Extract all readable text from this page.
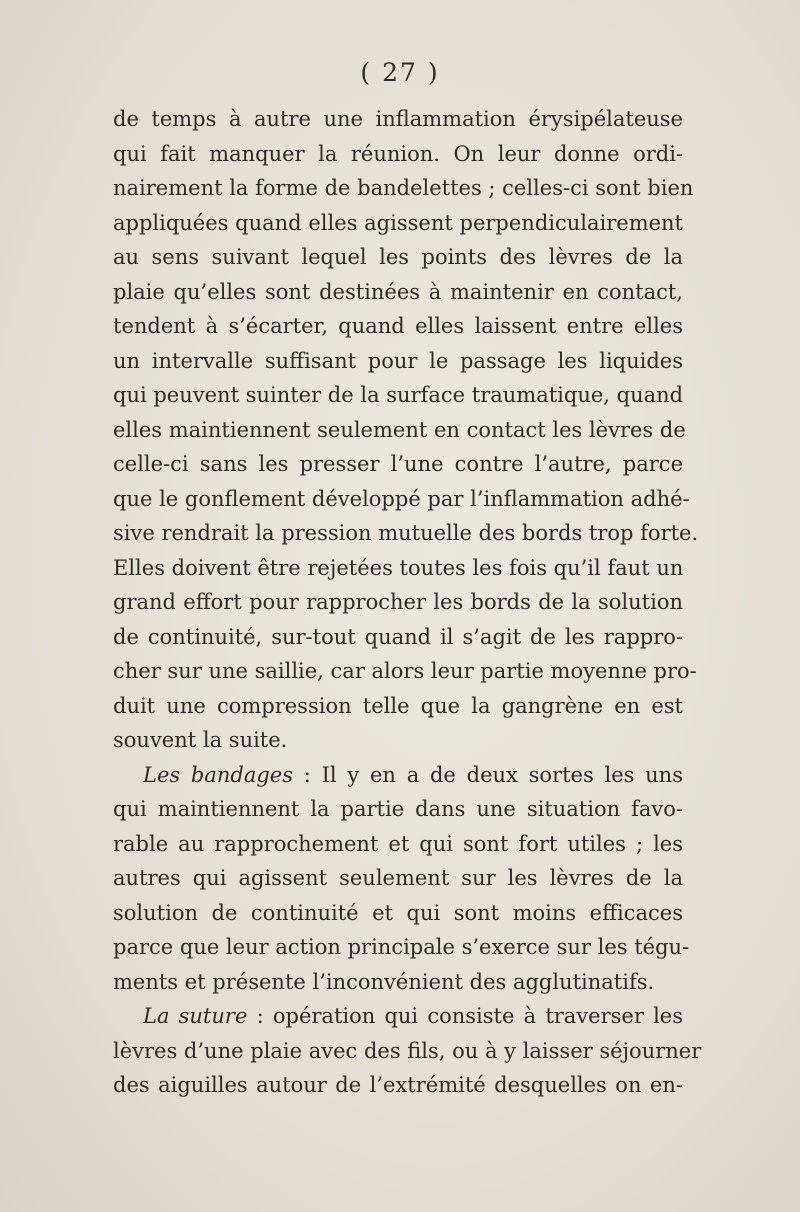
( 27 )
de temps à autre une inflammation érysipélateuse
qui fait manquer la réunion. On leur donne ordi-
nairement la forme de bandelettes ; celles-ci sont bien
appliquées quand elles agissent perpendiculairement
au sens suivant lequel les points des lèvres de la
plaie qu’elles sont destinées à maintenir en contact,
tendent à s’écarter, quand elles laissent entre elles
un intervalle suffisant pour le passage les liquides
qui peuvent suinter de la surface traumatique, quand
elles maintiennent seulement en contact les lèvres de
celle-ci sans les presser l’une contre l’autre, parce
que le gonflement développé par l’inflammation adhé-
sive rendrait la pression mutuelle des bords trop forte.
Elles doivent être rejetées toutes les fois qu’il faut un
grand effort pour rapprocher les bords de la solution
de continuité, sur-tout quand il s’agit de les rappro-
cher sur une saillie, car alors leur partie moyenne pro-
duit une compression telle que la gangrène en est
souvent la suite.
Les bandages : Il y en a de deux sortes les uns
qui maintiennent la partie dans une situation favo-
rable au rapprochement et qui sont fort utiles ; les
autres qui agissent seulement sur les lèvres de la
solution de continuité et qui sont moins efficaces
parce que leur action principale s’exerce sur les tégu-
ments et présente l’inconvénient des agglutinatifs.
La suture : opération qui consiste à traverser les
lèvres d’une plaie avec des fils, ou à y laisser séjourner
des aiguilles autour de l’extrémité desquelles on en-
